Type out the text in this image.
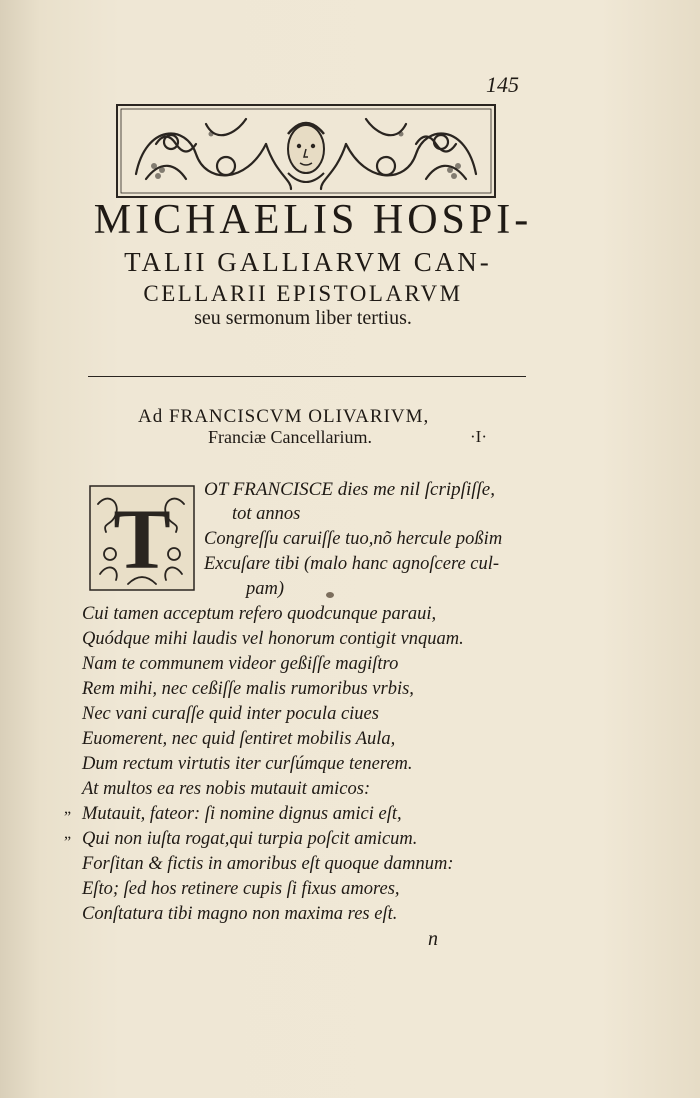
145
MICHAELIS HOSPI-
TALII GALLIARVM CAN-
CELLARII EPISTOLARVM
seu sermonum liber tertius.
Ad FRANCISCVM OLIVARIVM,
Franciæ Cancellarium.	·I·
T
OT FRANCISCE dies me nil ſcripſiſſe,
tot annos
Congreſſu caruiſſe tuo,nõ hercule poßim
Excuſare tibi (malo hanc agnoſcere cul-
pam)
Cui tamen acceptum refero quodcunque paraui,
Quódque mihi laudis vel honorum contigit vnquam.
Nam te communem videor geßiſſe magiſtro
Rem mihi, nec ceßiſſe malis rumoribus vrbis,
Nec vani curaſſe quid inter pocula ciues
Euomerent, nec quid ſentiret mobilis Aula,
Dum rectum virtutis iter curſúmque tenerem.
At multos ea res nobis mutauit amicos:
„ Mutauit, fateor: ſi nomine dignus amici eſt,
„ Qui non iuſta rogat,qui turpia poſcit amicum.
Forſitan & fictis in amoribus eſt quoque damnum:
Eſto; ſed hos retinere cupis ſi fixus amores,
Conſtatura tibi magno non maxima res eſt.
n
